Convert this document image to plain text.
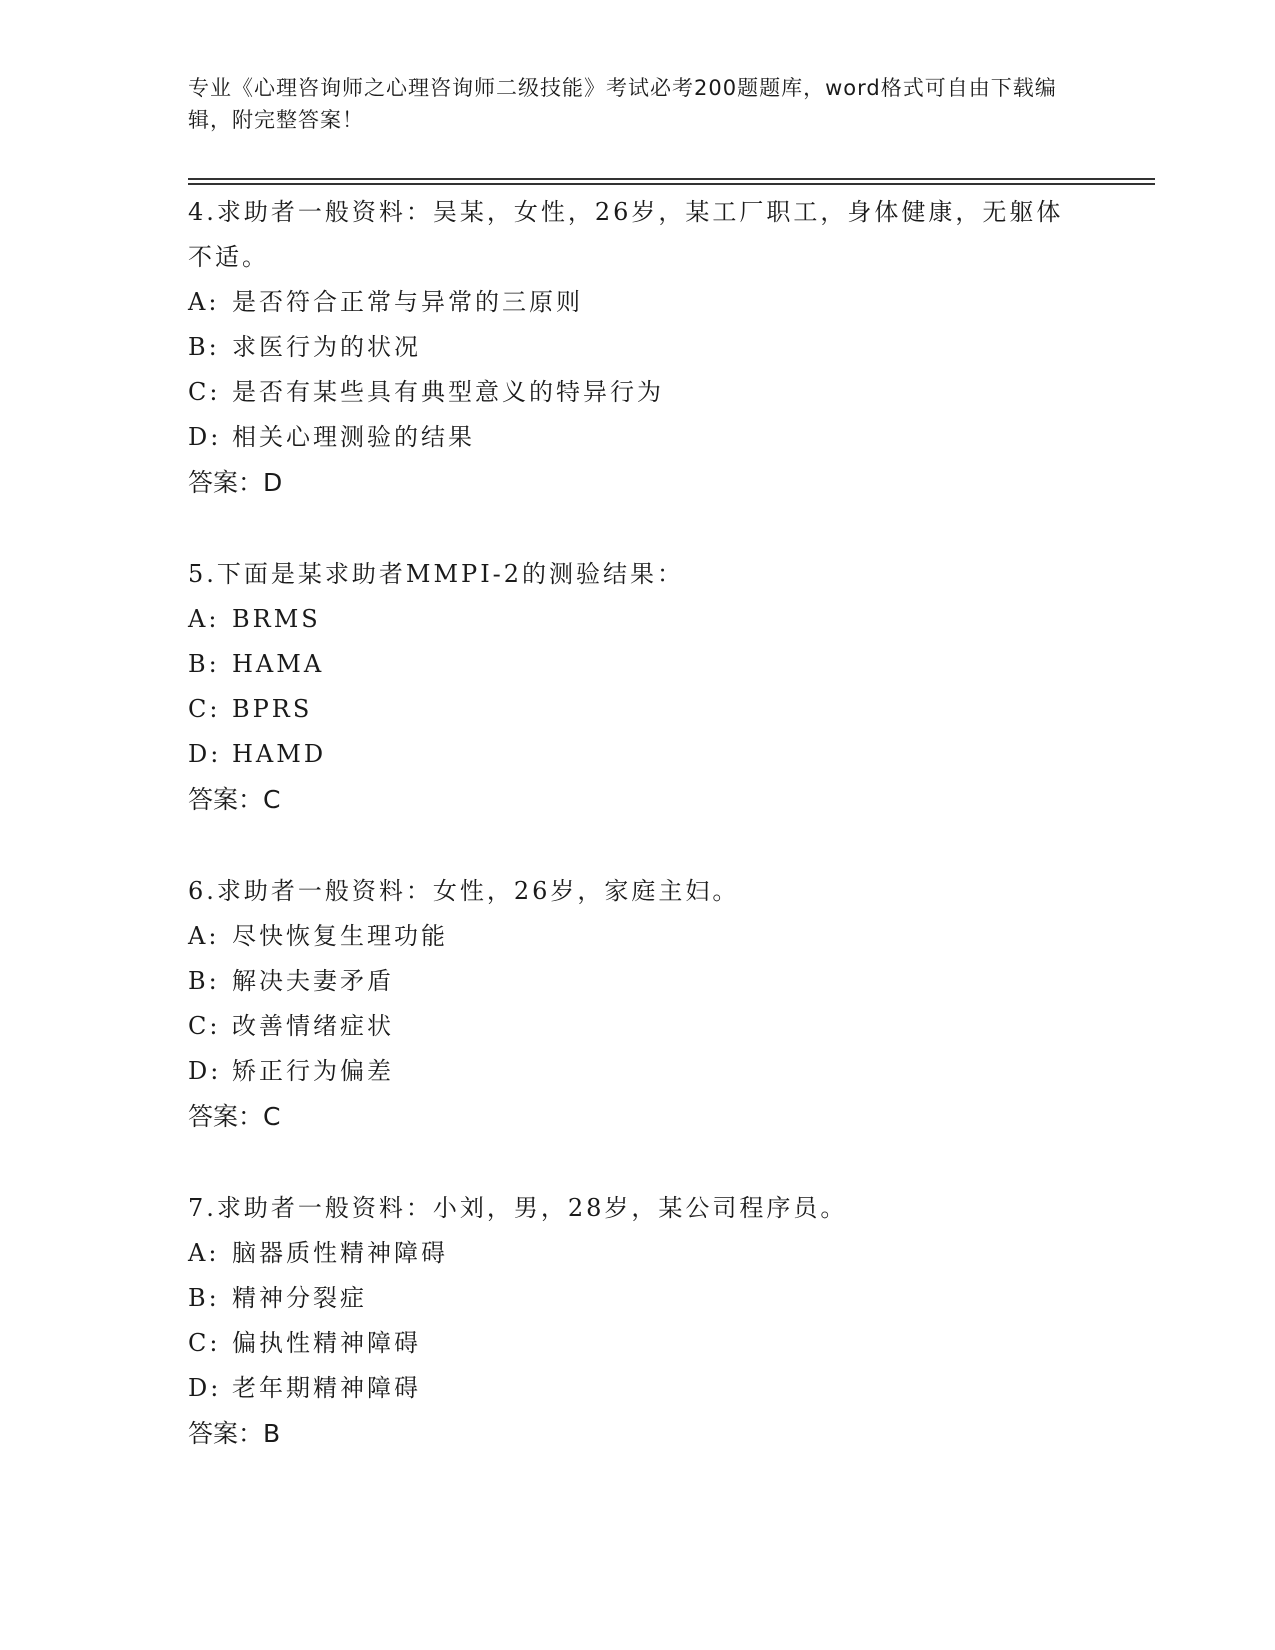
专业《心理咨询师之心理咨询师二级技能》考试必考200题题库，word格式可自由下载编辑，附完整答案！

4.求助者一般资料：吴某，女性，26岁，某工厂职工，身体健康，无躯体不适。

A: 是否符合正常与异常的三原则
B: 求医行为的状况
C: 是否有某些具有典型意义的特异行为
D: 相关心理测验的结果
答案：D

5.下面是某求助者MMPI-2的测验结果：

A: BRMS
B: HAMA
C: BPRS
D: HAMD
答案：C

6.求助者一般资料：女性，26岁，家庭主妇。

A: 尽快恢复生理功能
B: 解决夫妻矛盾
C: 改善情绪症状
D: 矫正行为偏差
答案：C

7.求助者一般资料：小刘，男，28岁，某公司程序员。

A: 脑器质性精神障碍
B: 精神分裂症
C: 偏执性精神障碍
D: 老年期精神障碍
答案：B
